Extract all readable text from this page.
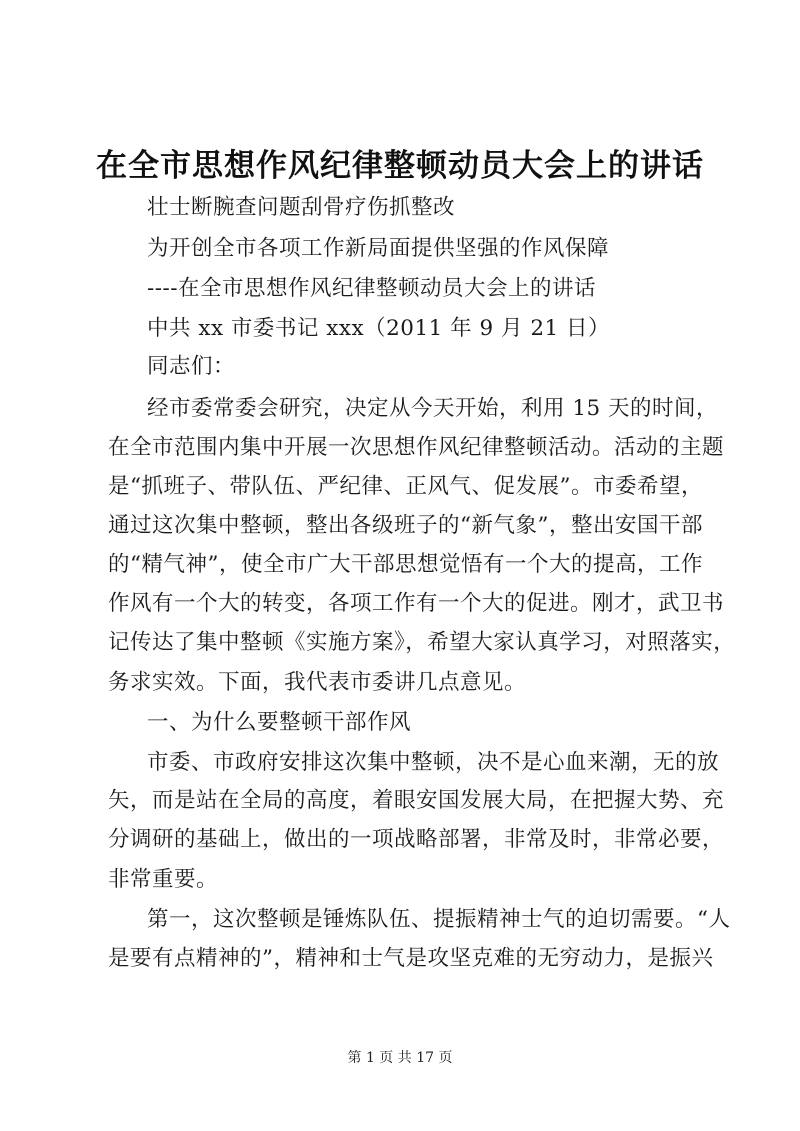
在全市思想作风纪律整顿动员大会上的讲话
壮士断腕查问题刮骨疗伤抓整改
为开创全市各项工作新局面提供坚强的作风保障
----在全市思想作风纪律整顿动员大会上的讲话
中共 xx 市委书记 xxx（2011 年 9 月 21 日）
同志们：
经市委常委会研究，决定从今天开始，利用 15 天的时间，
在全市范围内集中开展一次思想作风纪律整顿活动。活动的主题
是“抓班子、带队伍、严纪律、正风气、促发展”。市委希望，
通过这次集中整顿，整出各级班子的“新气象”，整出安国干部
的“精气神”，使全市广大干部思想觉悟有一个大的提高，工作
作风有一个大的转变，各项工作有一个大的促进。刚才，武卫书
记传达了集中整顿《实施方案》，希望大家认真学习，对照落实，
务求实效。下面，我代表市委讲几点意见。
一、为什么要整顿干部作风
市委、市政府安排这次集中整顿，决不是心血来潮，无的放
矢，而是站在全局的高度，着眼安国发展大局，在把握大势、充
分调研的基础上，做出的一项战略部署，非常及时，非常必要，
非常重要。
第一，这次整顿是锤炼队伍、提振精神士气的迫切需要。“人
是要有点精神的”，精神和士气是攻坚克难的无穷动力，是振兴
第 1 页 共 17 页
